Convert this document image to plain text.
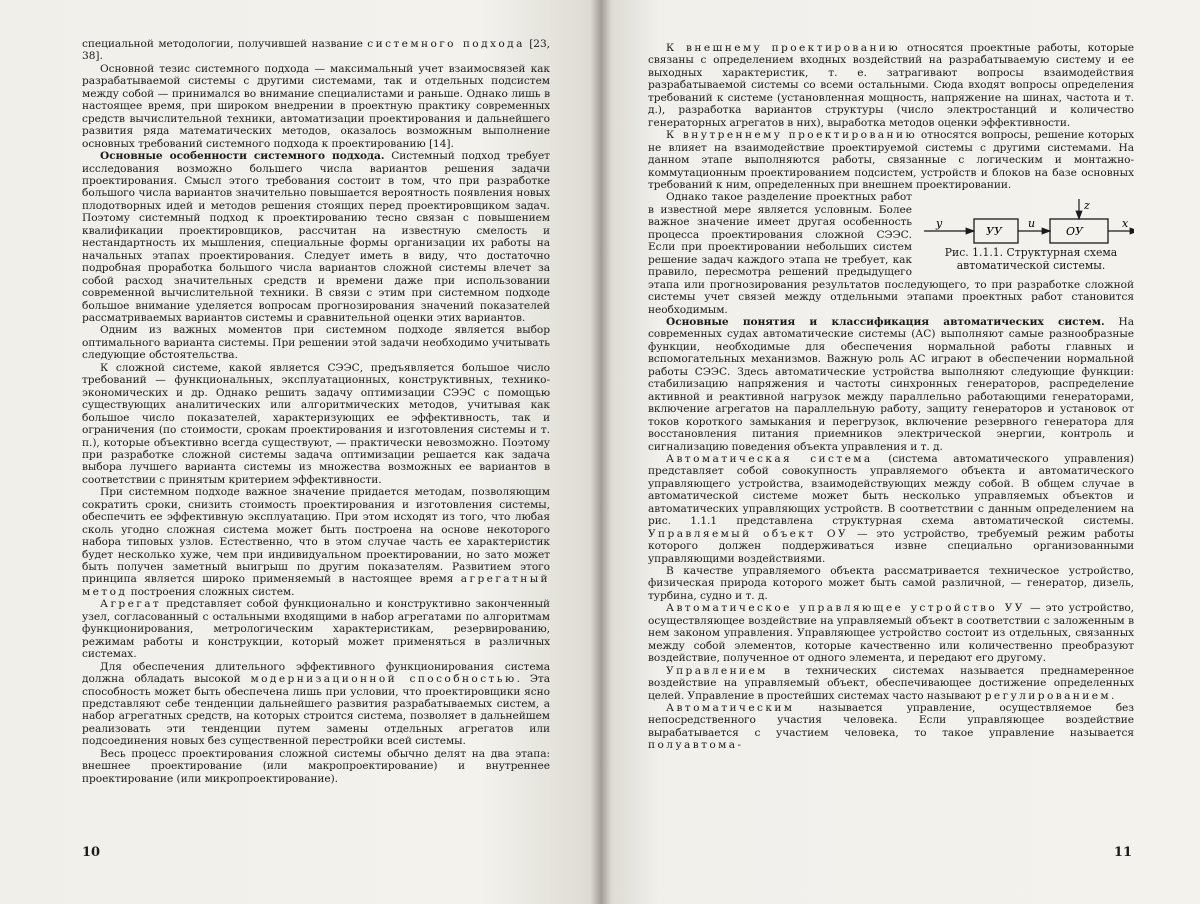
специальной методологии, получившей название системного подхода [23, 38].

Основной тезис системного подхода — максимальный учет взаимосвязей как разрабатываемой системы с другими системами, так и отдельных подсистем между собой — принимался во внимание специалистами и раньше. Однако лишь в настоящее время, при широком внедрении в проектную практику современных средств вычислительной техники, автоматизации проектирования и дальнейшего развития ряда математических методов, оказалось возможным выполнение основных требований системного подхода к проектированию [14].

Основные особенности системного подхода. Системный подход требует исследования возможно большего числа вариантов решения задачи проектирования. Смысл этого требования состоит в том, что при разработке большого числа вариантов значительно повышается вероятность появления новых плодотворных идей и методов решения стоящих перед проектировщиком задач. Поэтому системный подход к проектированию тесно связан с повышением квалификации проектировщиков, рассчитан на известную смелость и нестандартность их мышления, специальные формы организации их работы на начальных этапах проектирования. Следует иметь в виду, что достаточно подробная проработка большого числа вариантов сложной системы влечет за собой расход значительных средств и времени даже при использовании современной вычислительной техники. В связи с этим при системном подходе большое внимание уделяется вопросам прогнозирования значений показателей рассматриваемых вариантов системы и сравнительной оценки этих вариантов.

Одним из важных моментов при системном подходе является выбор оптимального варианта системы. При решении этой задачи необходимо учитывать следующие обстоятельства.

К сложной системе, какой является СЭЭС, предъявляется большое число требований — функциональных, эксплуатационных, конструктивных, технико-экономических и др. Однако решить задачу оптимизации СЭЭС с помощью существующих аналитических или алгоритмических методов, учитывая как большое число показателей, характеризующих ее эффективность, так и ограничения (по стоимости, срокам проектирования и изготовления системы и т. п.), которые объективно всегда существуют, — практически невозможно. Поэтому при разработке сложной системы задача оптимизации решается как задача выбора лучшего варианта системы из множества возможных ее вариантов в соответствии с принятым критерием эффективности.

При системном подходе важное значение придается методам, позволяющим сократить сроки, снизить стоимость проектирования и изготовления системы, обеспечить ее эффективную эксплуатацию. При этом исходят из того, что любая сколь угодно сложная система может быть построена на основе некоторого набора типовых узлов. Естественно, что в этом случае часть ее характеристик будет несколько хуже, чем при индивидуальном проектировании, но зато может быть получен заметный выигрыш по другим показателям. Развитием этого принципа является широко применяемый в настоящее время агрегатный метод построения сложных систем.

Агрегат представляет собой функционально и конструктивно законченный узел, согласованный с остальными входящими в набор агрегатами по алгоритмам функционирования, метрологическим характеристикам, резервированию, режимам работы и конструкции, который может применяться в различных системах.

Для обеспечения длительного эффективного функционирования система должна обладать высокой модернизационной способностью. Эта способность может быть обеспечена лишь при условии, что проектировщики ясно представляют себе тенденции дальнейшего развития разрабатываемых систем, а набор агрегатных средств, на которых строится система, позволяет в дальнейшем реализовать эти тенденции путем замены отдельных агрегатов или подсоединения новых без существенной перестройки всей системы.

Весь процесс проектирования сложной системы обычно делят на два этапа: внешнее проектирование (или макропроектирование) и внутреннее проектирование (или микропроектирование).

10

К внешнему проектированию относятся проектные работы, которые связаны с определением входных воздействий на разрабатываемую систему и ее выходных характеристик, т. е. затрагивают вопросы взаимодействия разрабатываемой системы со всеми остальными. Сюда входят вопросы определения требований к системе (установленная мощность, напряжение на шинах, частота и т. д.), разработка вариантов структуры (число электростанций и количество генераторных агрегатов в них), выработка методов оценки эффективности.

К внутреннему проектированию относятся вопросы, решение которых не влияет на взаимодействие проектируемой системы с другими системами. На данном этапе выполняются работы, связанные с логическим и монтажно-коммутационным проектированием подсистем, устройств и блоков на базе основных требований к ним, определенных при внешнем проектировании.

y
УУ
u
ОУ
x
z
Рис. 1.1.1. Структурная схема автоматической системы.

Однако такое разделение проектных работ в известной мере является условным. Более важное значение имеет другая особенность процесса проектирования сложной СЭЭС. Если при проектировании небольших систем решение задач каждого этапа не требует, как правило, пересмотра решений предыдущего этапа или прогнозирования результатов последующего, то при разработке сложной системы учет связей между отдельными этапами проектных работ становится необходимым.

Основные понятия и классификация автоматических систем. На современных судах автоматические системы (АС) выполняют самые разнообразные функции, необходимые для обеспечения нормальной работы главных и вспомогательных механизмов. Важную роль АС играют в обеспечении нормальной работы СЭЭС. Здесь автоматические устройства выполняют следующие функции: стабилизацию напряжения и частоты синхронных генераторов, распределение активной и реактивной нагрузок между параллельно работающими генераторами, включение агрегатов на параллельную работу, защиту генераторов и установок от токов короткого замыкания и перегрузок, включение резервного генератора для восстановления питания приемников электрической энергии, контроль и сигнализацию поведения объекта управления и т. д.

Автоматическая система (система автоматического управления) представляет собой совокупность управляемого объекта и автоматического управляющего устройства, взаимодействующих между собой. В общем случае в автоматической системе может быть несколько управляемых объектов и автоматических управляющих устройств. В соответствии с данным определением на рис. 1.1.1 представлена структурная схема автоматической системы. Управляемый объект ОУ — это устройство, требуемый режим работы которого должен поддерживаться извне специально организованными управляющими воздействиями.

В качестве управляемого объекта рассматривается техническое устройство, физическая природа которого может быть самой различной, — генератор, дизель, турбина, судно и т. д.

Автоматическое управляющее устройство УУ — это устройство, осуществляющее воздействие на управляемый объект в соответствии с заложенным в нем законом управления. Управляющее устройство состоит из отдельных, связанных между собой элементов, которые качественно или количественно преобразуют воздействие, полученное от одного элемента, и передают его другому.

Управлением в технических системах называется преднамеренное воздействие на управляемый объект, обеспечивающее достижение определенных целей. Управление в простейших системах часто называют регулированием.

Автоматическим называется управление, осуществляемое без непосредственного участия человека. Если управляющее воздействие вырабатывается с участием человека, то такое управление называется полуавтома-

11
